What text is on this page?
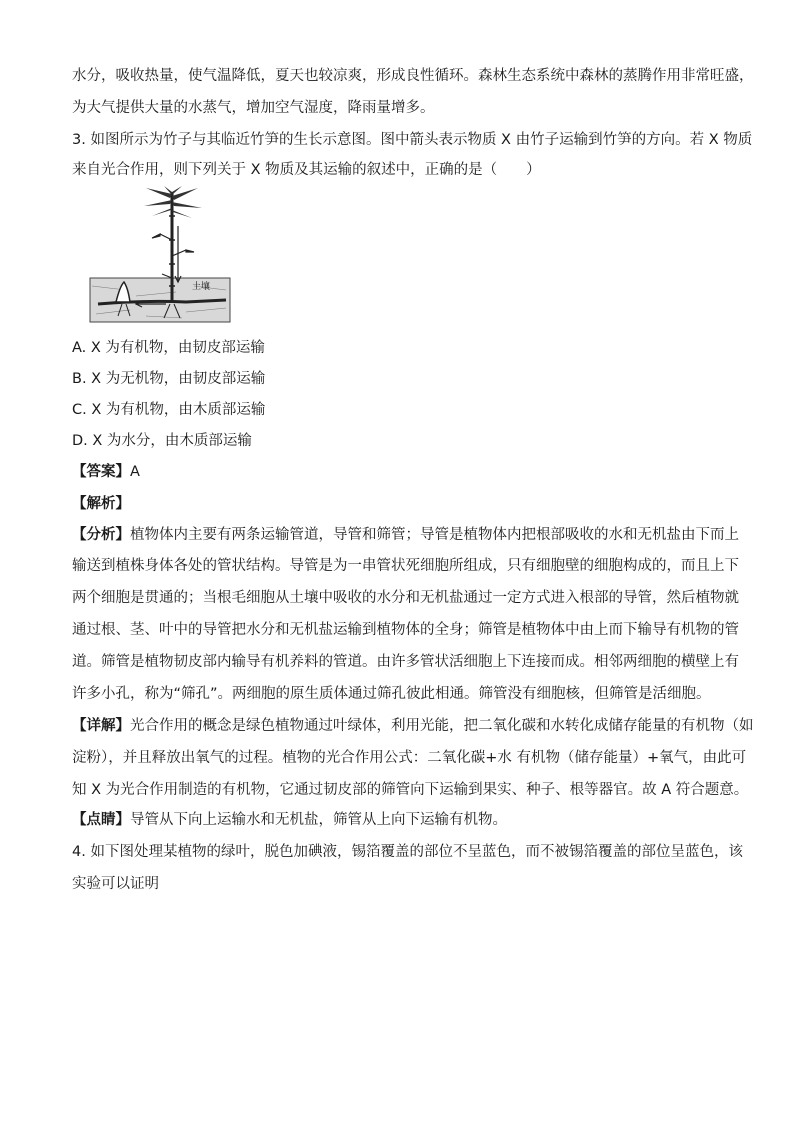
水分，吸收热量，使气温降低，夏天也较凉爽，形成良性循环。森林生态系统中森林的蒸腾作用非常旺盛，
为大气提供大量的水蒸气，增加空气湿度，降雨量增多。
3. 如图所示为竹子与其临近竹笋的生长示意图。图中箭头表示物质 X 由竹子运输到竹笋的方向。若 X 物质
来自光合作用，则下列关于 X 物质及其运输的叙述中，正确的是（　　）
土壤
A. X 为有机物，由韧皮部运输
B. X 为无机物，由韧皮部运输
C. X 为有机物，由木质部运输
D. X 为水分，由木质部运输
【答案】A
【解析】
【分析】植物体内主要有两条运输管道，导管和筛管；导管是植物体内把根部吸收的水和无机盐由下而上
输送到植株身体各处的管状结构。导管是为一串管状死细胞所组成，只有细胞壁的细胞构成的，而且上下
两个细胞是贯通的；当根毛细胞从土壤中吸收的水分和无机盐通过一定方式进入根部的导管，然后植物就
通过根、茎、叶中的导管把水分和无机盐运输到植物体的全身；筛管是植物体中由上而下输导有机物的管
道。筛管是植物韧皮部内输导有机养料的管道。由许多管状活细胞上下连接而成。相邻两细胞的横壁上有
许多小孔，称为“筛孔”。两细胞的原生质体通过筛孔彼此相通。筛管没有细胞核，但筛管是活细胞。
【详解】光合作用的概念是绿色植物通过叶绿体，利用光能，把二氧化碳和水转化成储存能量的有机物（如
淀粉），并且释放出氧气的过程。植物的光合作用公式：二氧化碳+水 有机物（储存能量）+氧气，由此可
知 X 为光合作用制造的有机物，它通过韧皮部的筛管向下运输到果实、种子、根等器官。故 A 符合题意。
【点睛】导管从下向上运输水和无机盐，筛管从上向下运输有机物。
4. 如下图处理某植物的绿叶，脱色加碘液，锡箔覆盖的部位不呈蓝色，而不被锡箔覆盖的部位呈蓝色，该
实验可以证明
